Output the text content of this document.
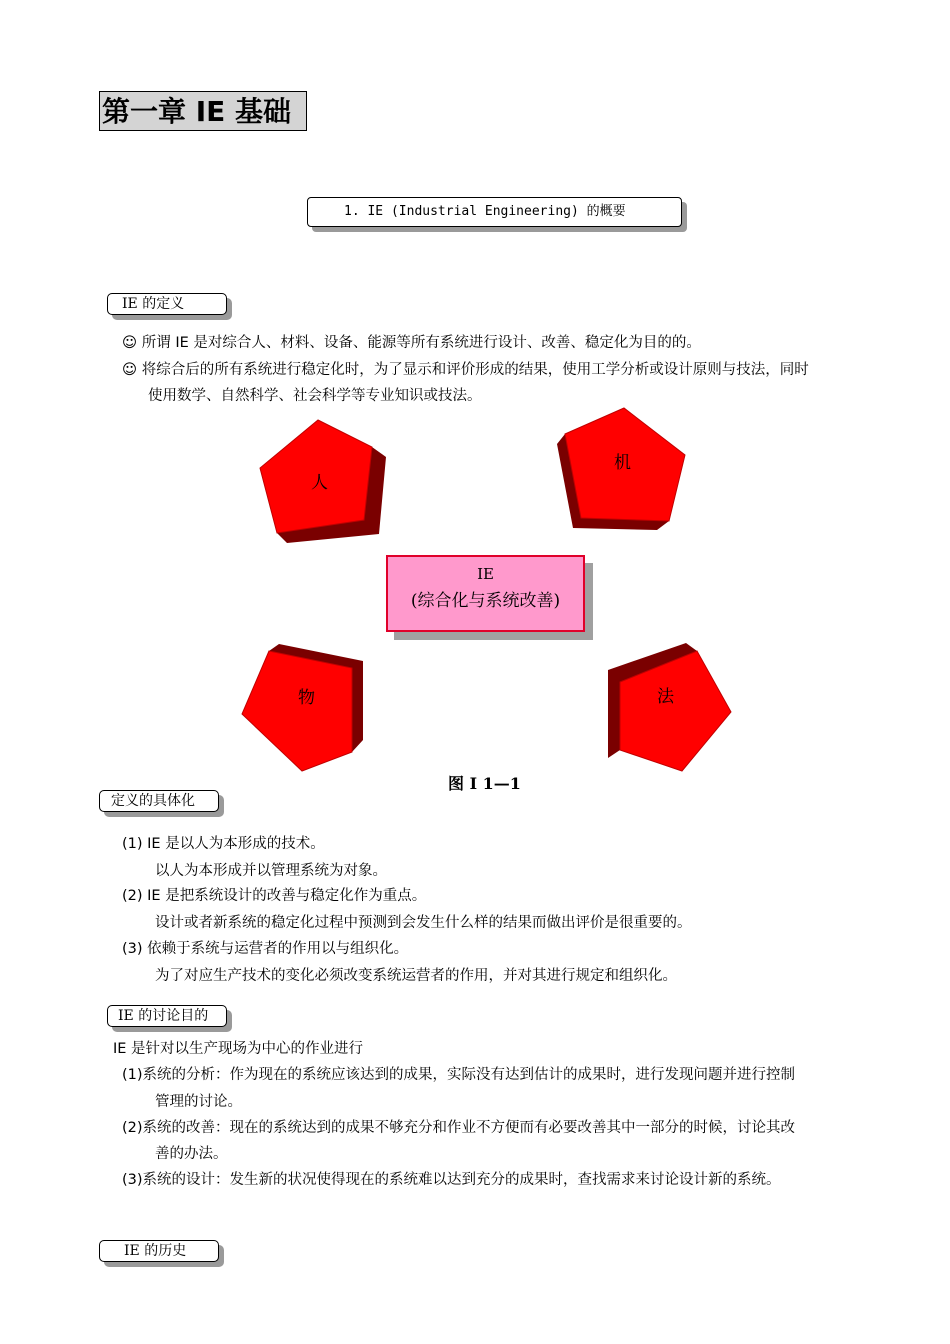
第一章 IE 基础
1. IE (Industrial Engineering) 的概要
IE 的定义
☺ 所谓 IE 是对综合人、材料、设备、能源等所有系统进行设计、改善、稳定化为目的的。
☺ 将综合后的所有系统进行稳定化时，为了显示和评价形成的结果，使用工学分析或设计原则与技法，同时
使用数学、自然科学、社会科学等专业知识或技法。
人
机
物	法
IE
(综合化与系统改善)
图 I 1—1
定义的具体化
(1) IE 是以人为本形成的技术。
以人为本形成并以管理系统为对象。
(2) IE 是把系统设计的改善与稳定化作为重点。
设计或者新系统的稳定化过程中预测到会发生什么样的结果而做出评价是很重要的。
(3) 依赖于系统与运营者的作用以与组织化。
为了对应生产技术的变化必须改变系统运营者的作用，并对其进行规定和组织化。
IE 的讨论目的
IE 是针对以生产现场为中心的作业进行
(1)系统的分析：作为现在的系统应该达到的成果，实际没有达到估计的成果时，进行发现问题并进行控制
管理的讨论。
(2)系统的改善：现在的系统达到的成果不够充分和作业不方便而有必要改善其中一部分的时候，讨论其改
善的办法。
(3)系统的设计：发生新的状况使得现在的系统难以达到充分的成果时，查找需求来讨论设计新的系统。
IE 的历史
